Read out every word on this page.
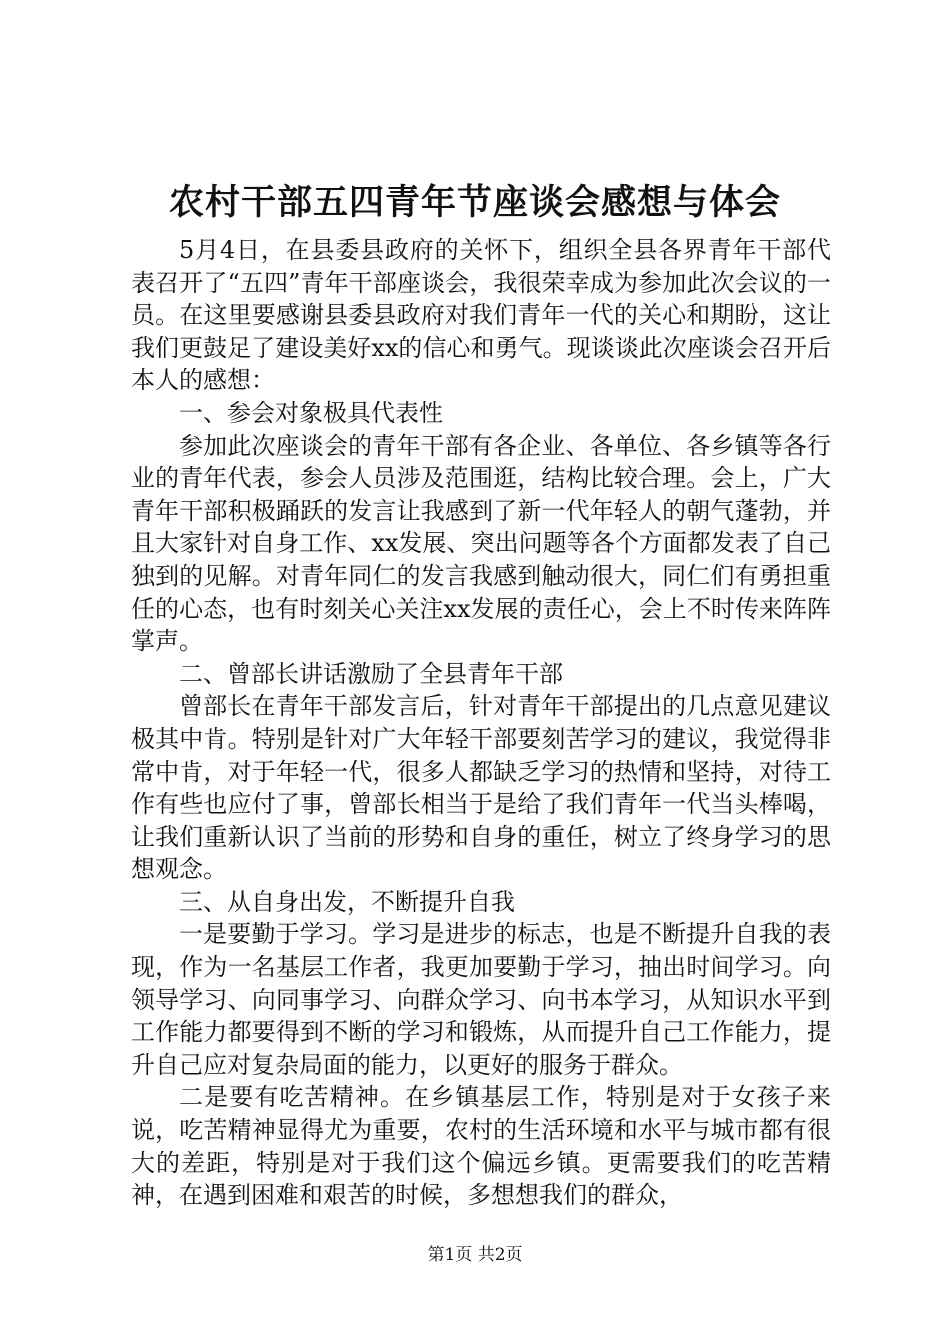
农村干部五四青年节座谈会感想与体会

5月4日，在县委县政府的关怀下，组织全县各界青年干部代表召开了“五四”青年干部座谈会，我很荣幸成为参加此次会议的一员。在这里要感谢县委县政府对我们青年一代的关心和期盼，这让我们更鼓足了建设美好xx的信心和勇气。现谈谈此次座谈会召开后本人的感想：

一、参会对象极具代表性

参加此次座谈会的青年干部有各企业、各单位、各乡镇等各行业的青年代表，参会人员涉及范围逛，结构比较合理。会上，广大青年干部积极踊跃的发言让我感到了新一代年轻人的朝气蓬勃，并且大家针对自身工作、xx发展、突出问题等各个方面都发表了自己独到的见解。对青年同仁的发言我感到触动很大，同仁们有勇担重任的心态，也有时刻关心关注xx发展的责任心，会上不时传来阵阵掌声。

二、曾部长讲话激励了全县青年干部

曾部长在青年干部发言后，针对青年干部提出的几点意见建议极其中肯。特别是针对广大年轻干部要刻苦学习的建议，我觉得非常中肯，对于年轻一代，很多人都缺乏学习的热情和坚持，对待工作有些也应付了事，曾部长相当于是给了我们青年一代当头棒喝，让我们重新认识了当前的形势和自身的重任，树立了终身学习的思想观念。

三、从自身出发，不断提升自我

一是要勤于学习。学习是进步的标志，也是不断提升自我的表现，作为一名基层工作者，我更加要勤于学习，抽出时间学习。向领导学习、向同事学习、向群众学习、向书本学习，从知识水平到工作能力都要得到不断的学习和锻炼，从而提升自己工作能力，提升自己应对复杂局面的能力，以更好的服务于群众。

二是要有吃苦精神。在乡镇基层工作，特别是对于女孩子来说，吃苦精神显得尤为重要，农村的生活环境和水平与城市都有很大的差距，特别是对于我们这个偏远乡镇。更需要我们的吃苦精神，在遇到困难和艰苦的时候，多想想我们的群众，

第1页 共2页
